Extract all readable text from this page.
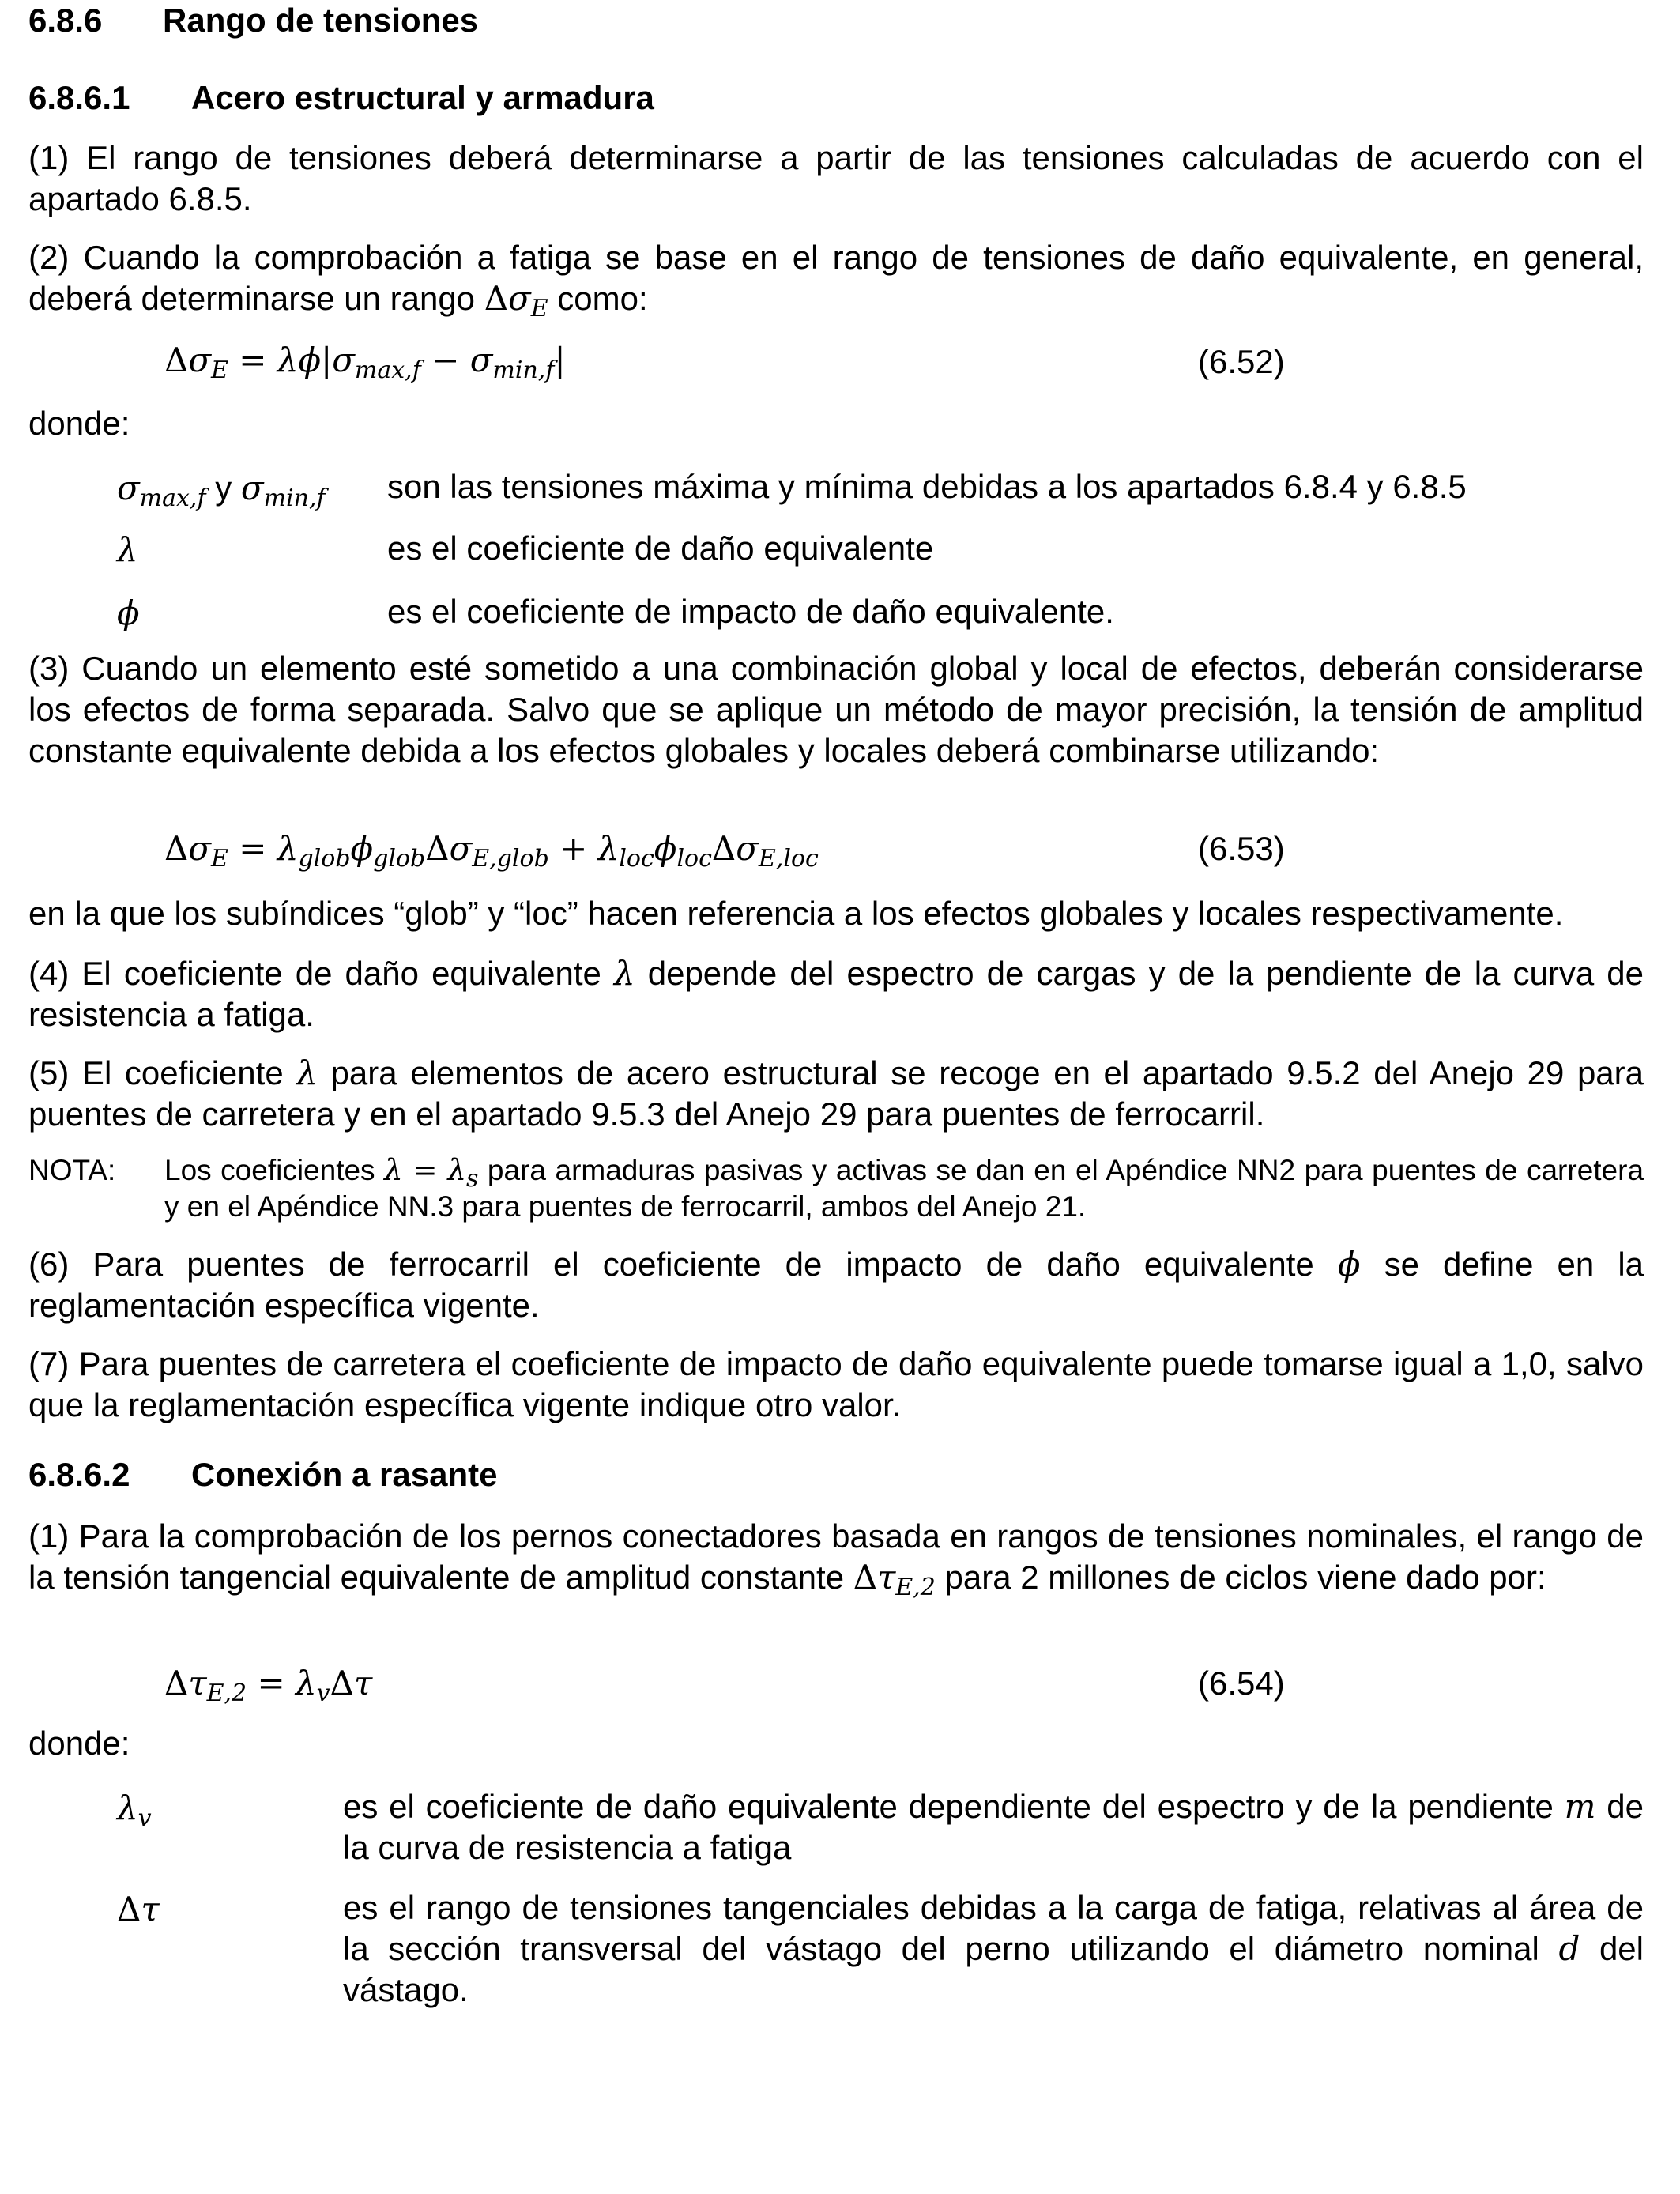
6.8.6 Rango de tensiones
6.8.6.1 Acero estructural y armadura

(1) El rango de tensiones deberá determinarse a partir de las tensiones calculadas de acuerdo con el apartado 6.8.5.

(2) Cuando la comprobación a fatiga se base en el rango de tensiones de daño equivalente, en general, deberá determinarse un rango $\Delta\sigma_E$ como:

$\Delta\sigma_E = \lambda\phi|\sigma_{max,f} - \sigma_{min,f}|$	(6.52)
donde:
$\sigma_{max,f}$ y $\sigma_{min,f}$ son las tensiones máxima y mínima debidas a los apartados 6.8.4 y 6.8.5
λ	es el coeficiente de daño equivalente
ϕ	es el coeficiente de impacto de daño equivalente.

(3) Cuando un elemento esté sometido a una combinación global y local de efectos, deberán considerarse los efectos de forma separada. Salvo que se aplique un método de mayor precisión, la tensión de amplitud constante equivalente debida a los efectos globales y locales deberá combinarse utilizando:

$\Delta\sigma_E = \lambda_{glob}\phi_{glob}\Delta\sigma_{E,glob} + \lambda_{loc}\phi_{loc}\Delta\sigma_{E,loc}$	(6.53)

en la que los subíndices “glob” y “loc” hacen referencia a los efectos globales y locales respectivamente.

(4) El coeficiente de daño equivalente λ depende del espectro de cargas y de la pendiente de la curva de resistencia a fatiga.

(5) El coeficiente λ para elementos de acero estructural se recoge en el apartado 9.5.2 del Anejo 29 para puentes de carretera y en el apartado 9.5.3 del Anejo 29 para puentes de ferrocarril.

NOTA: Los coeficientes $\lambda = \lambda_s$ para armaduras pasivas y activas se dan en el Apéndice NN2 para puentes de carretera y en el Apéndice NN.3 para puentes de ferrocarril, ambos del Anejo 21.

(6) Para puentes de ferrocarril el coeficiente de impacto de daño equivalente ϕ se define en la reglamentación específica vigente.

(7) Para puentes de carretera el coeficiente de impacto de daño equivalente puede tomarse igual a 1,0, salvo que la reglamentación específica vigente indique otro valor.

6.8.6.2 Conexión a rasante

(1) Para la comprobación de los pernos conectadores basada en rangos de tensiones nominales, el rango de la tensión tangencial equivalente de amplitud constante $\Delta\tau_{E,2}$ para 2 millones de ciclos viene dado por:

$\Delta\tau_{E,2} = \lambda_v\Delta\tau$	(6.54)
donde:
$\lambda_v$	es el coeficiente de daño equivalente dependiente del espectro y de la pendiente m de la curva de resistencia a fatiga

Δτ	es el rango de tensiones tangenciales debidas a la carga de fatiga, relativas al área de la sección transversal del vástago del perno utilizando el diámetro nominal d del vástago.
